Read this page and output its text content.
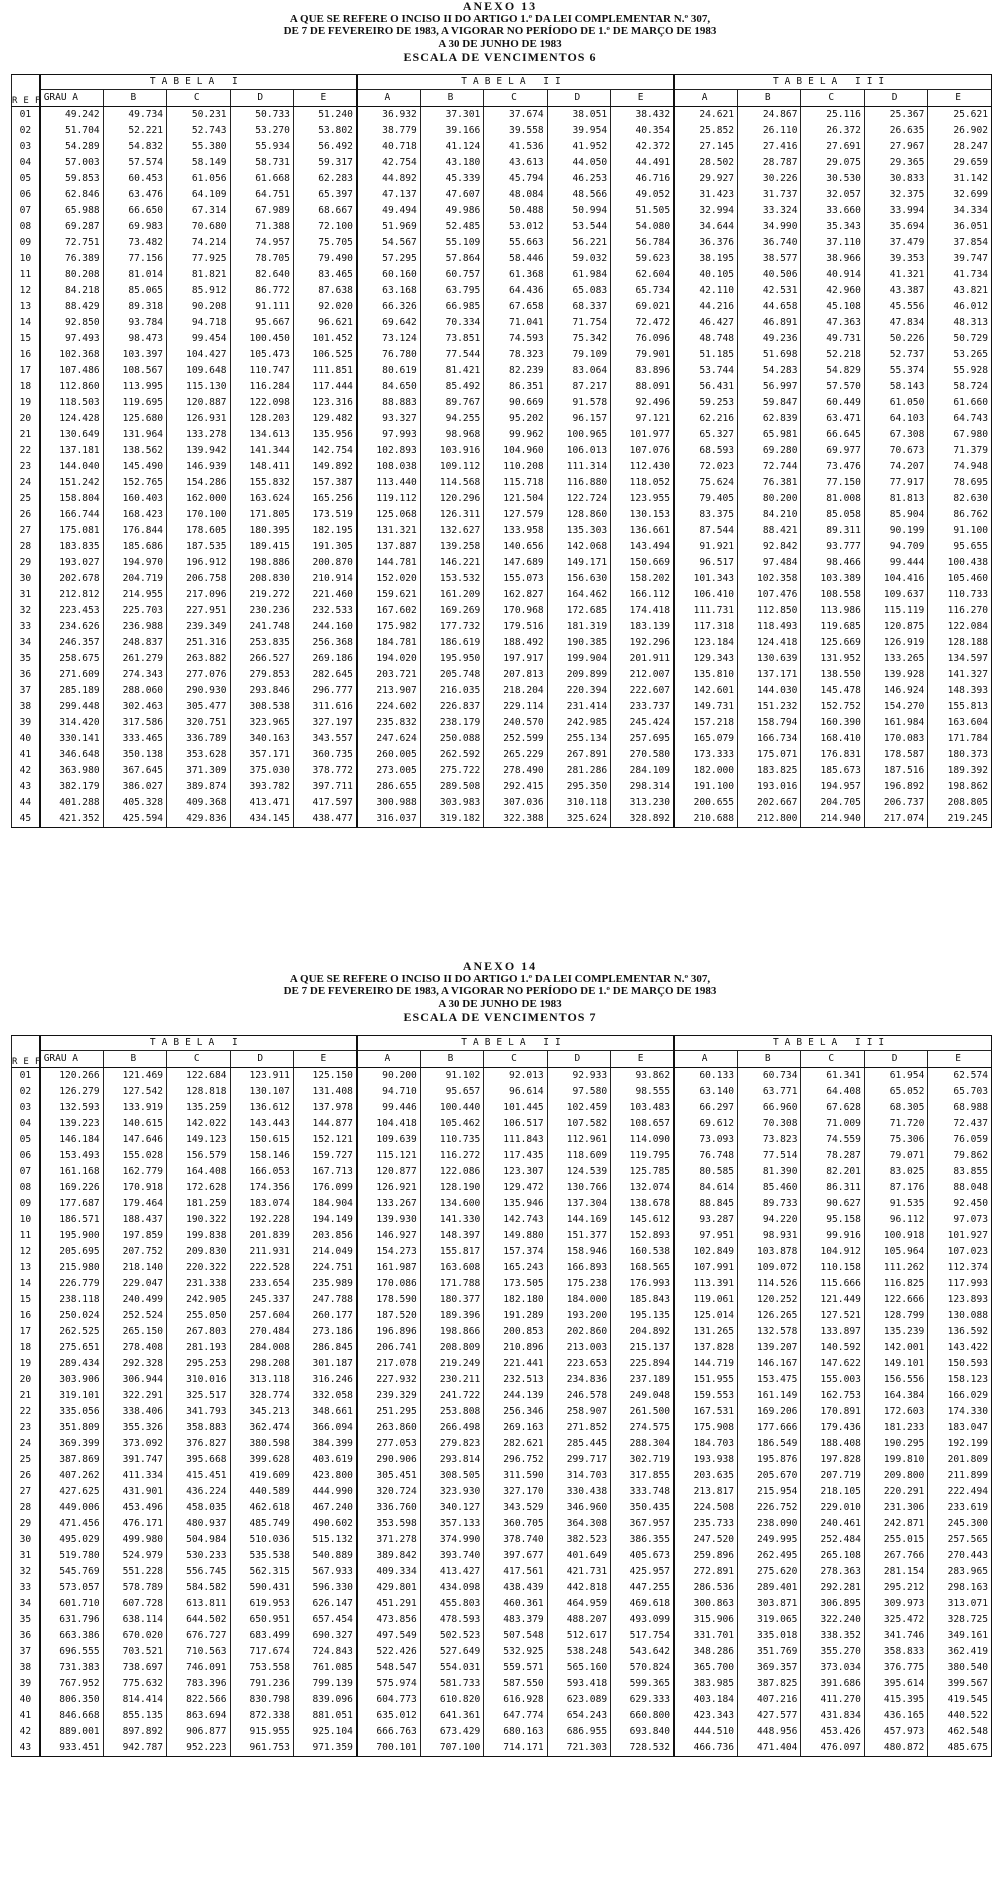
ANEXO 13
A QUE SE REFERE O INCISO II DO ARTIGO 1.º DA LEI COMPLEMENTAR N.º 307,
DE 7 DE FEVEREIRO DE 1983, A VIGORAR NO PERÍODO DE 1.º DE MARÇO DE 1983
A 30 DE JUNHO DE 1983
ESCALA DE VENCIMENTOS 6
REF	TABELA I					TABELA II					TABELA III				
	GRAU A	B	C	D	E	A	B	C	D	E	A	B	C	D	E
01	49.242	49.734	50.231	50.733	51.240	36.932	37.301	37.674	38.051	38.432	24.621	24.867	25.116	25.367	25.621
02	51.704	52.221	52.743	53.270	53.802	38.779	39.166	39.558	39.954	40.354	25.852	26.110	26.372	26.635	26.902
03	54.289	54.832	55.380	55.934	56.492	40.718	41.124	41.536	41.952	42.372	27.145	27.416	27.691	27.967	28.247
04	57.003	57.574	58.149	58.731	59.317	42.754	43.180	43.613	44.050	44.491	28.502	28.787	29.075	29.365	29.659
05	59.853	60.453	61.056	61.668	62.283	44.892	45.339	45.794	46.253	46.716	29.927	30.226	30.530	30.833	31.142
06	62.846	63.476	64.109	64.751	65.397	47.137	47.607	48.084	48.566	49.052	31.423	31.737	32.057	32.375	32.699
07	65.988	66.650	67.314	67.989	68.667	49.494	49.986	50.488	50.994	51.505	32.994	33.324	33.660	33.994	34.334
08	69.287	69.983	70.680	71.388	72.100	51.969	52.485	53.012	53.544	54.080	34.644	34.990	35.343	35.694	36.051
09	72.751	73.482	74.214	74.957	75.705	54.567	55.109	55.663	56.221	56.784	36.376	36.740	37.110	37.479	37.854
10	76.389	77.156	77.925	78.705	79.490	57.295	57.864	58.446	59.032	59.623	38.195	38.577	38.966	39.353	39.747
11	80.208	81.014	81.821	82.640	83.465	60.160	60.757	61.368	61.984	62.604	40.105	40.506	40.914	41.321	41.734
12	84.218	85.065	85.912	86.772	87.638	63.168	63.795	64.436	65.083	65.734	42.110	42.531	42.960	43.387	43.821
13	88.429	89.318	90.208	91.111	92.020	66.326	66.985	67.658	68.337	69.021	44.216	44.658	45.108	45.556	46.012
14	92.850	93.784	94.718	95.667	96.621	69.642	70.334	71.041	71.754	72.472	46.427	46.891	47.363	47.834	48.313
15	97.493	98.473	99.454	100.450	101.452	73.124	73.851	74.593	75.342	76.096	48.748	49.236	49.731	50.226	50.729
16	102.368	103.397	104.427	105.473	106.525	76.780	77.544	78.323	79.109	79.901	51.185	51.698	52.218	52.737	53.265
17	107.486	108.567	109.648	110.747	111.851	80.619	81.421	82.239	83.064	83.896	53.744	54.283	54.829	55.374	55.928
18	112.860	113.995	115.130	116.284	117.444	84.650	85.492	86.351	87.217	88.091	56.431	56.997	57.570	58.143	58.724
19	118.503	119.695	120.887	122.098	123.316	88.883	89.767	90.669	91.578	92.496	59.253	59.847	60.449	61.050	61.660
20	124.428	125.680	126.931	128.203	129.482	93.327	94.255	95.202	96.157	97.121	62.216	62.839	63.471	64.103	64.743
21	130.649	131.964	133.278	134.613	135.956	97.993	98.968	99.962	100.965	101.977	65.327	65.981	66.645	67.308	67.980
22	137.181	138.562	139.942	141.344	142.754	102.893	103.916	104.960	106.013	107.076	68.593	69.280	69.977	70.673	71.379
23	144.040	145.490	146.939	148.411	149.892	108.038	109.112	110.208	111.314	112.430	72.023	72.744	73.476	74.207	74.948
24	151.242	152.765	154.286	155.832	157.387	113.440	114.568	115.718	116.880	118.052	75.624	76.381	77.150	77.917	78.695
25	158.804	160.403	162.000	163.624	165.256	119.112	120.296	121.504	122.724	123.955	79.405	80.200	81.008	81.813	82.630
26	166.744	168.423	170.100	171.805	173.519	125.068	126.311	127.579	128.860	130.153	83.375	84.210	85.058	85.904	86.762
27	175.081	176.844	178.605	180.395	182.195	131.321	132.627	133.958	135.303	136.661	87.544	88.421	89.311	90.199	91.100
28	183.835	185.686	187.535	189.415	191.305	137.887	139.258	140.656	142.068	143.494	91.921	92.842	93.777	94.709	95.655
29	193.027	194.970	196.912	198.886	200.870	144.781	146.221	147.689	149.171	150.669	96.517	97.484	98.466	99.444	100.438
30	202.678	204.719	206.758	208.830	210.914	152.020	153.532	155.073	156.630	158.202	101.343	102.358	103.389	104.416	105.460
31	212.812	214.955	217.096	219.272	221.460	159.621	161.209	162.827	164.462	166.112	106.410	107.476	108.558	109.637	110.733
32	223.453	225.703	227.951	230.236	232.533	167.602	169.269	170.968	172.685	174.418	111.731	112.850	113.986	115.119	116.270
33	234.626	236.988	239.349	241.748	244.160	175.982	177.732	179.516	181.319	183.139	117.318	118.493	119.685	120.875	122.084
34	246.357	248.837	251.316	253.835	256.368	184.781	186.619	188.492	190.385	192.296	123.184	124.418	125.669	126.919	128.188
35	258.675	261.279	263.882	266.527	269.186	194.020	195.950	197.917	199.904	201.911	129.343	130.639	131.952	133.265	134.597
36	271.609	274.343	277.076	279.853	282.645	203.721	205.748	207.813	209.899	212.007	135.810	137.171	138.550	139.928	141.327
37	285.189	288.060	290.930	293.846	296.777	213.907	216.035	218.204	220.394	222.607	142.601	144.030	145.478	146.924	148.393
38	299.448	302.463	305.477	308.538	311.616	224.602	226.837	229.114	231.414	233.737	149.731	151.232	152.752	154.270	155.813
39	314.420	317.586	320.751	323.965	327.197	235.832	238.179	240.570	242.985	245.424	157.218	158.794	160.390	161.984	163.604
40	330.141	333.465	336.789	340.163	343.557	247.624	250.088	252.599	255.134	257.695	165.079	166.734	168.410	170.083	171.784
41	346.648	350.138	353.628	357.171	360.735	260.005	262.592	265.229	267.891	270.580	173.333	175.071	176.831	178.587	180.373
42	363.980	367.645	371.309	375.030	378.772	273.005	275.722	278.490	281.286	284.109	182.000	183.825	185.673	187.516	189.392
43	382.179	386.027	389.874	393.782	397.711	286.655	289.508	292.415	295.350	298.314	191.100	193.016	194.957	196.892	198.862
44	401.288	405.328	409.368	413.471	417.597	300.988	303.983	307.036	310.118	313.230	200.655	202.667	204.705	206.737	208.805
45	421.352	425.594	429.836	434.145	438.477	316.037	319.182	322.388	325.624	328.892	210.688	212.800	214.940	217.074	219.245
ANEXO 14
A QUE SE REFERE O INCISO II DO ARTIGO 1.º DA LEI COMPLEMENTAR N.º 307,
DE 7 DE FEVEREIRO DE 1983, A VIGORAR NO PERÍODO DE 1.º DE MARÇO DE 1983
A 30 DE JUNHO DE 1983
ESCALA DE VENCIMENTOS 7
REF	TABELA I					TABELA II					TABELA III				
	GRAU A	B	C	D	E	A	B	C	D	E	A	B	C	D	E
01	120.266	121.469	122.684	123.911	125.150	90.200	91.102	92.013	92.933	93.862	60.133	60.734	61.341	61.954	62.574
02	126.279	127.542	128.818	130.107	131.408	94.710	95.657	96.614	97.580	98.555	63.140	63.771	64.408	65.052	65.703
03	132.593	133.919	135.259	136.612	137.978	99.446	100.440	101.445	102.459	103.483	66.297	66.960	67.628	68.305	68.988
04	139.223	140.615	142.022	143.443	144.877	104.418	105.462	106.517	107.582	108.657	69.612	70.308	71.009	71.720	72.437
05	146.184	147.646	149.123	150.615	152.121	109.639	110.735	111.843	112.961	114.090	73.093	73.823	74.559	75.306	76.059
06	153.493	155.028	156.579	158.146	159.727	115.121	116.272	117.435	118.609	119.795	76.748	77.514	78.287	79.071	79.862
07	161.168	162.779	164.408	166.053	167.713	120.877	122.086	123.307	124.539	125.785	80.585	81.390	82.201	83.025	83.855
08	169.226	170.918	172.628	174.356	176.099	126.921	128.190	129.472	130.766	132.074	84.614	85.460	86.311	87.176	88.048
09	177.687	179.464	181.259	183.074	184.904	133.267	134.600	135.946	137.304	138.678	88.845	89.733	90.627	91.535	92.450
10	186.571	188.437	190.322	192.228	194.149	139.930	141.330	142.743	144.169	145.612	93.287	94.220	95.158	96.112	97.073
11	195.900	197.859	199.838	201.839	203.856	146.927	148.397	149.880	151.377	152.893	97.951	98.931	99.916	100.918	101.927
12	205.695	207.752	209.830	211.931	214.049	154.273	155.817	157.374	158.946	160.538	102.849	103.878	104.912	105.964	107.023
13	215.980	218.140	220.322	222.528	224.751	161.987	163.608	165.243	166.893	168.565	107.991	109.072	110.158	111.262	112.374
14	226.779	229.047	231.338	233.654	235.989	170.086	171.788	173.505	175.238	176.993	113.391	114.526	115.666	116.825	117.993
15	238.118	240.499	242.905	245.337	247.788	178.590	180.377	182.180	184.000	185.843	119.061	120.252	121.449	122.666	123.893
16	250.024	252.524	255.050	257.604	260.177	187.520	189.396	191.289	193.200	195.135	125.014	126.265	127.521	128.799	130.088
17	262.525	265.150	267.803	270.484	273.186	196.896	198.866	200.853	202.860	204.892	131.265	132.578	133.897	135.239	136.592
18	275.651	278.408	281.193	284.008	286.845	206.741	208.809	210.896	213.003	215.137	137.828	139.207	140.592	142.001	143.422
19	289.434	292.328	295.253	298.208	301.187	217.078	219.249	221.441	223.653	225.894	144.719	146.167	147.622	149.101	150.593
20	303.906	306.944	310.016	313.118	316.246	227.932	230.211	232.513	234.836	237.189	151.955	153.475	155.003	156.556	158.123
21	319.101	322.291	325.517	328.774	332.058	239.329	241.722	244.139	246.578	249.048	159.553	161.149	162.753	164.384	166.029
22	335.056	338.406	341.793	345.213	348.661	251.295	253.808	256.346	258.907	261.500	167.531	169.206	170.891	172.603	174.330
23	351.809	355.326	358.883	362.474	366.094	263.860	266.498	269.163	271.852	274.575	175.908	177.666	179.436	181.233	183.047
24	369.399	373.092	376.827	380.598	384.399	277.053	279.823	282.621	285.445	288.304	184.703	186.549	188.408	190.295	192.199
25	387.869	391.747	395.668	399.628	403.619	290.906	293.814	296.752	299.717	302.719	193.938	195.876	197.828	199.810	201.809
26	407.262	411.334	415.451	419.609	423.800	305.451	308.505	311.590	314.703	317.855	203.635	205.670	207.719	209.800	211.899
27	427.625	431.901	436.224	440.589	444.990	320.724	323.930	327.170	330.438	333.748	213.817	215.954	218.105	220.291	222.494
28	449.006	453.496	458.035	462.618	467.240	336.760	340.127	343.529	346.960	350.435	224.508	226.752	229.010	231.306	233.619
29	471.456	476.171	480.937	485.749	490.602	353.598	357.133	360.705	364.308	367.957	235.733	238.090	240.461	242.871	245.300
30	495.029	499.980	504.984	510.036	515.132	371.278	374.990	378.740	382.523	386.355	247.520	249.995	252.484	255.015	257.565
31	519.780	524.979	530.233	535.538	540.889	389.842	393.740	397.677	401.649	405.673	259.896	262.495	265.108	267.766	270.443
32	545.769	551.228	556.745	562.315	567.933	409.334	413.427	417.561	421.731	425.957	272.891	275.620	278.363	281.154	283.965
33	573.057	578.789	584.582	590.431	596.330	429.801	434.098	438.439	442.818	447.255	286.536	289.401	292.281	295.212	298.163
34	601.710	607.728	613.811	619.953	626.147	451.291	455.803	460.361	464.959	469.618	300.863	303.871	306.895	309.973	313.071
35	631.796	638.114	644.502	650.951	657.454	473.856	478.593	483.379	488.207	493.099	315.906	319.065	322.240	325.472	328.725
36	663.386	670.020	676.727	683.499	690.327	497.549	502.523	507.548	512.617	517.754	331.701	335.018	338.352	341.746	349.161
37	696.555	703.521	710.563	717.674	724.843	522.426	527.649	532.925	538.248	543.642	348.286	351.769	355.270	358.833	362.419
38	731.383	738.697	746.091	753.558	761.085	548.547	554.031	559.571	565.160	570.824	365.700	369.357	373.034	376.775	380.540
39	767.952	775.632	783.396	791.236	799.139	575.974	581.733	587.550	593.418	599.365	383.985	387.825	391.686	395.614	399.567
40	806.350	814.414	822.566	830.798	839.096	604.773	610.820	616.928	623.089	629.333	403.184	407.216	411.270	415.395	419.545
41	846.668	855.135	863.694	872.338	881.051	635.012	641.361	647.774	654.243	660.800	423.343	427.577	431.834	436.165	440.522
42	889.001	897.892	906.877	915.955	925.104	666.763	673.429	680.163	686.955	693.840	444.510	448.956	453.426	457.973	462.548
43	933.451	942.787	952.223	961.753	971.359	700.101	707.100	714.171	721.303	728.532	466.736	471.404	476.097	480.872	485.675
